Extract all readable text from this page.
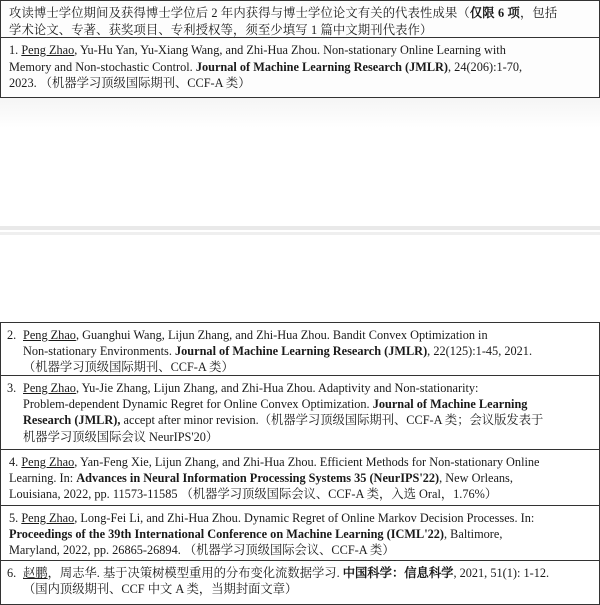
攻读博士学位期间及获得博士学位后 2 年内获得与博士学位论文有关的代表性成果（仅限 6 项，包括
学术论文、专著、获奖项目、专利授权等，须至少填写 1 篇中文期刊代表作）
1. Peng Zhao, Yu-Hu Yan, Yu-Xiang Wang, and Zhi-Hua Zhou. Non-stationary Online Learning with
Memory and Non-stochastic Control. Journal of Machine Learning Research (JMLR), 24(206):1-70,
2023. （机器学习顶级国际期刊、CCF-A 类）
2. Peng Zhao, Guanghui Wang, Lijun Zhang, and Zhi-Hua Zhou. Bandit Convex Optimization in
Non-stationary Environments. Journal of Machine Learning Research (JMLR), 22(125):1-45, 2021.
（机器学习顶级国际期刊、CCF-A 类）
3. Peng Zhao, Yu-Jie Zhang, Lijun Zhang, and Zhi-Hua Zhou. Adaptivity and Non-stationarity:
Problem-dependent Dynamic Regret for Online Convex Optimization. Journal of Machine Learning
Research (JMLR), accept after minor revision.（机器学习顶级国际期刊、CCF-A 类；会议版发表于
机器学习顶级国际会议 NeurIPS'20）
4. Peng Zhao, Yan-Feng Xie, Lijun Zhang, and Zhi-Hua Zhou. Efficient Methods for Non-stationary Online
Learning. In: Advances in Neural Information Processing Systems 35 (NeurIPS'22), New Orleans,
Louisiana, 2022, pp. 11573-11585 （机器学习顶级国际会议、CCF-A 类，入选 Oral，1.76%）
5. Peng Zhao, Long-Fei Li, and Zhi-Hua Zhou. Dynamic Regret of Online Markov Decision Processes. In:
Proceedings of the 39th International Conference on Machine Learning (ICML'22), Baltimore,
Maryland, 2022, pp. 26865-26894. （机器学习顶级国际会议、CCF-A 类）
6. 赵鹏，周志华. 基于决策树模型重用的分布变化流数据学习. 中国科学：信息科学, 2021, 51(1): 1-12.
（国内顶级期刊、CCF 中文 A 类，当期封面文章）
